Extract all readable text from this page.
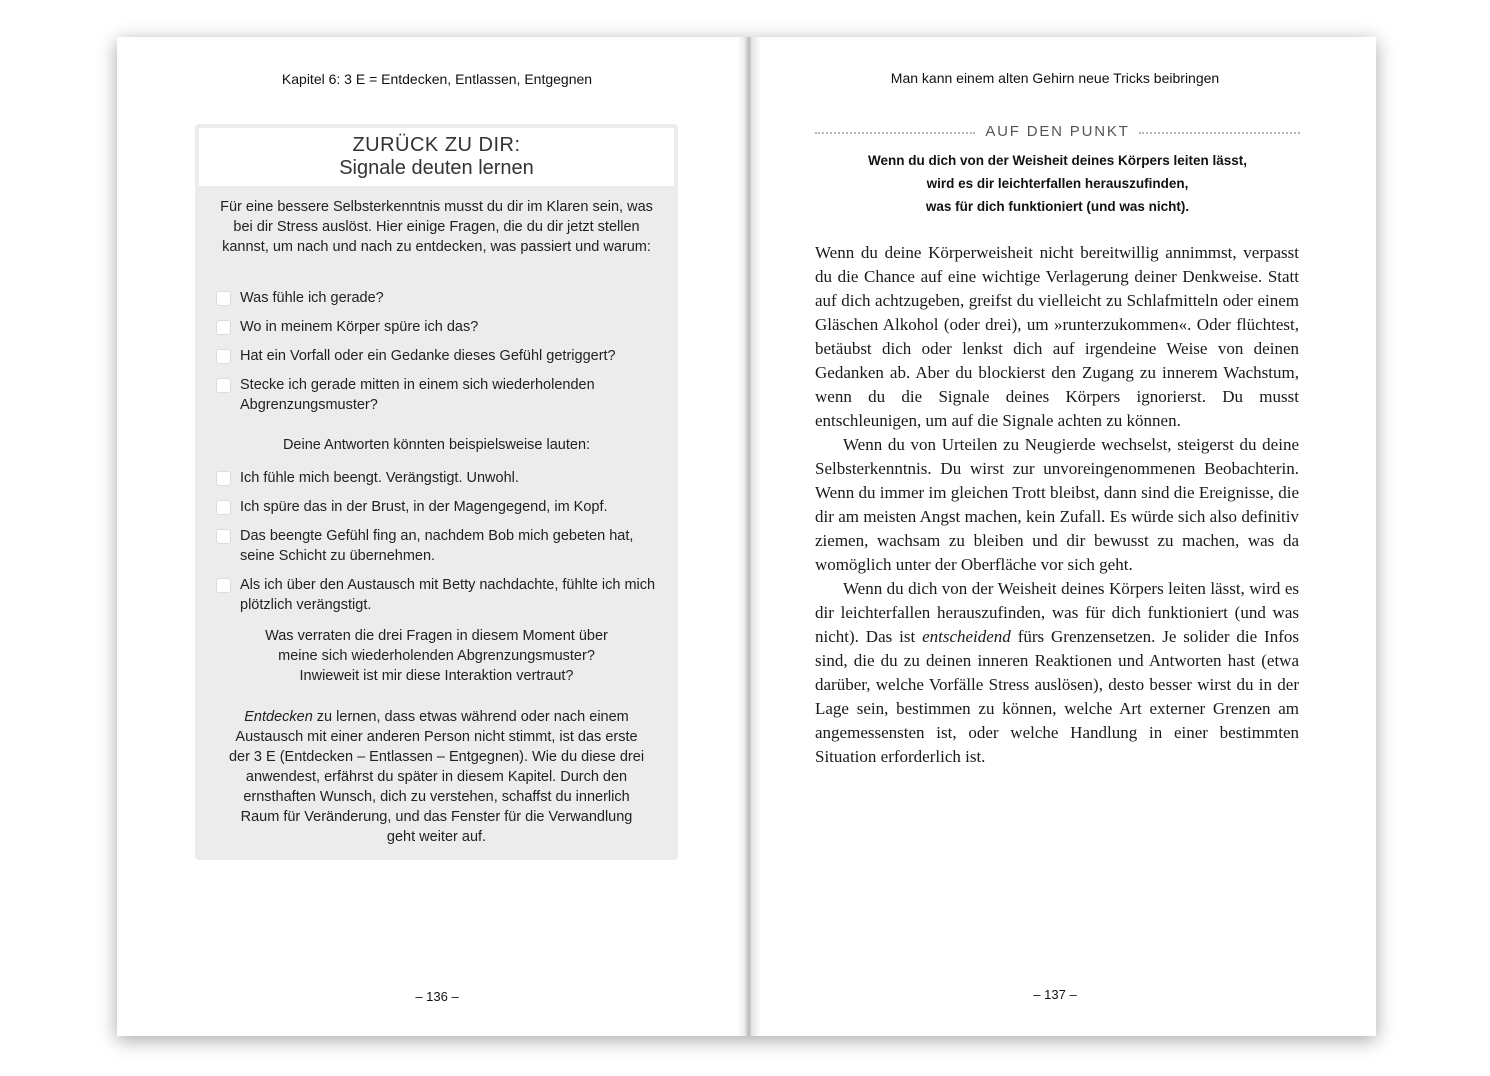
Kapitel 6: 3 E = Entdecken, Entlassen, Entgegnen
ZURÜCK ZU DIR:
Signale deuten lernen
Für eine bessere Selbsterkenntnis musst du dir im Klaren sein, was bei dir Stress auslöst. Hier einige Fragen, die du dir jetzt stellen kannst, um nach und nach zu entdecken, was passiert und warum:
Was fühle ich gerade?
Wo in meinem Körper spüre ich das?
Hat ein Vorfall oder ein Gedanke dieses Gefühl getriggert?
Stecke ich gerade mitten in einem sich wiederholenden Abgrenzungsmuster?
Deine Antworten könnten beispielsweise lauten:
Ich fühle mich beengt. Verängstigt. Unwohl.
Ich spüre das in der Brust, in der Magengegend, im Kopf.
Das beengte Gefühl fing an, nachdem Bob mich gebeten hat, seine Schicht zu übernehmen.
Als ich über den Austausch mit Betty nachdachte, fühlte ich mich plötzlich verängstigt.
Was verraten die drei Fragen in diesem Moment über meine sich wiederholenden Abgrenzungsmuster? Inwieweit ist mir diese Interaktion vertraut?
Entdecken zu lernen, dass etwas während oder nach einem Austausch mit einer anderen Person nicht stimmt, ist das erste der 3 E (Entdecken – Entlassen – Entgegnen). Wie du diese drei anwendest, erfährst du später in diesem Kapitel. Durch den ernsthaften Wunsch, dich zu verstehen, schaffst du innerlich Raum für Veränderung, und das Fenster für die Verwandlung geht weiter auf.
– 136 –
Man kann einem alten Gehirn neue Tricks beibringen
AUF DEN PUNKT
Wenn du dich von der Weisheit deines Körpers leiten lässt,
wird es dir leichterfallen herauszufinden,
was für dich funktioniert (und was nicht).

Wenn du deine Körperweisheit nicht bereitwillig annimmst, verpasst du die Chance auf eine wichtige Verlagerung deiner Denkweise. Statt auf dich achtzugeben, greifst du vielleicht zu Schlafmitteln oder einem Gläschen Alkohol (oder drei), um »runterzukommen«. Oder flüchtest, betäubst dich oder lenkst dich auf irgendeine Weise von deinen Gedanken ab. Aber du blockierst den Zugang zu innerem Wachstum, wenn du die Signale deines Körpers ignorierst. Du musst entschleunigen, um auf die Signale achten zu können.

Wenn du von Urteilen zu Neugierde wechselst, steigerst du deine Selbsterkenntnis. Du wirst zur unvoreingenommenen Beobachterin. Wenn du immer im gleichen Trott bleibst, dann sind die Ereignisse, die dir am meisten Angst machen, kein Zufall. Es würde sich also definitiv ziemen, wachsam zu bleiben und dir bewusst zu machen, was da womöglich unter der Oberfläche vor sich geht.

Wenn du dich von der Weisheit deines Körpers leiten lässt, wird es dir leichterfallen herauszufinden, was für dich funktioniert (und was nicht). Das ist entscheidend fürs Grenzensetzen. Je solider die Infos sind, die du zu deinen inneren Reaktionen und Antworten hast (etwa darüber, welche Vorfälle Stress auslösen), desto besser wirst du in der Lage sein, bestimmen zu können, welche Art externer Grenzen am angemessensten ist, oder welche Handlung in einer bestimmten Situation erforderlich ist.

– 137 –
